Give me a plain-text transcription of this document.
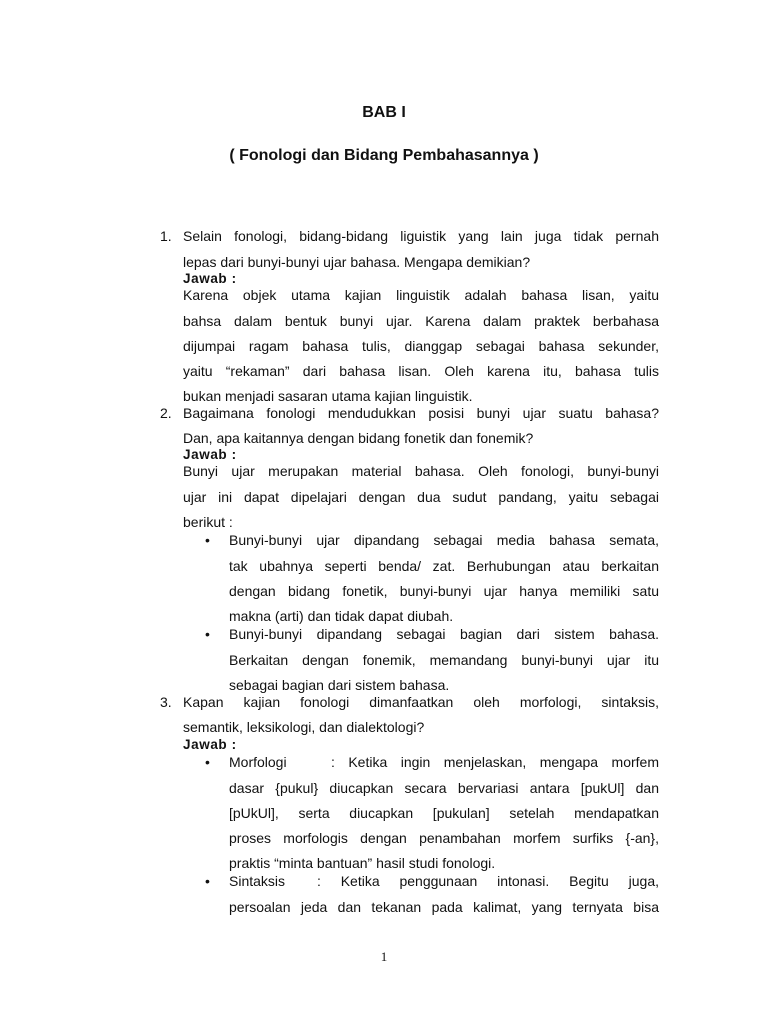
BAB I
( Fonologi dan Bidang Pembahasannya )
1. Selain fonologi, bidang-bidang liguistik yang lain juga tidak pernah
lepas dari bunyi-bunyi ujar bahasa. Mengapa demikian?
Jawab :
Karena objek utama kajian linguistik adalah bahasa lisan, yaitu
bahsa dalam bentuk bunyi ujar. Karena dalam praktek berbahasa
dijumpai ragam bahasa tulis, dianggap sebagai bahasa sekunder,
yaitu “rekaman” dari bahasa lisan. Oleh karena itu, bahasa tulis
bukan menjadi sasaran utama kajian linguistik.
2. Bagaimana fonologi mendudukkan posisi bunyi ujar suatu bahasa?
Dan, apa kaitannya dengan bidang fonetik dan fonemik?
Jawab :
Bunyi ujar merupakan material bahasa. Oleh fonologi, bunyi-bunyi
ujar ini dapat dipelajari dengan dua sudut pandang, yaitu sebagai
berikut :
• Bunyi-bunyi ujar dipandang sebagai media bahasa semata,
tak ubahnya seperti benda/ zat. Berhubungan atau berkaitan
dengan bidang fonetik, bunyi-bunyi ujar hanya memiliki satu
makna (arti) dan tidak dapat diubah.
• Bunyi-bunyi dipandang sebagai bagian dari sistem bahasa.
Berkaitan dengan fonemik, memandang bunyi-bunyi ujar itu
sebagai bagian dari sistem bahasa.
3. Kapan kajian fonologi dimanfaatkan oleh morfologi, sintaksis,
semantik, leksikologi, dan dialektologi?
Jawab :
• Morfologi	: Ketika ingin menjelaskan, mengapa morfem
dasar {pukul} diucapkan secara bervariasi antara [pukUl] dan
[pUkUl], serta diucapkan [pukulan] setelah mendapatkan
proses morfologis dengan penambahan morfem surfiks {-an},
praktis “minta bantuan” hasil studi fonologi.
• Sintaksis	: Ketika penggunaan intonasi. Begitu juga,
persoalan jeda dan tekanan pada kalimat, yang ternyata bisa
1
